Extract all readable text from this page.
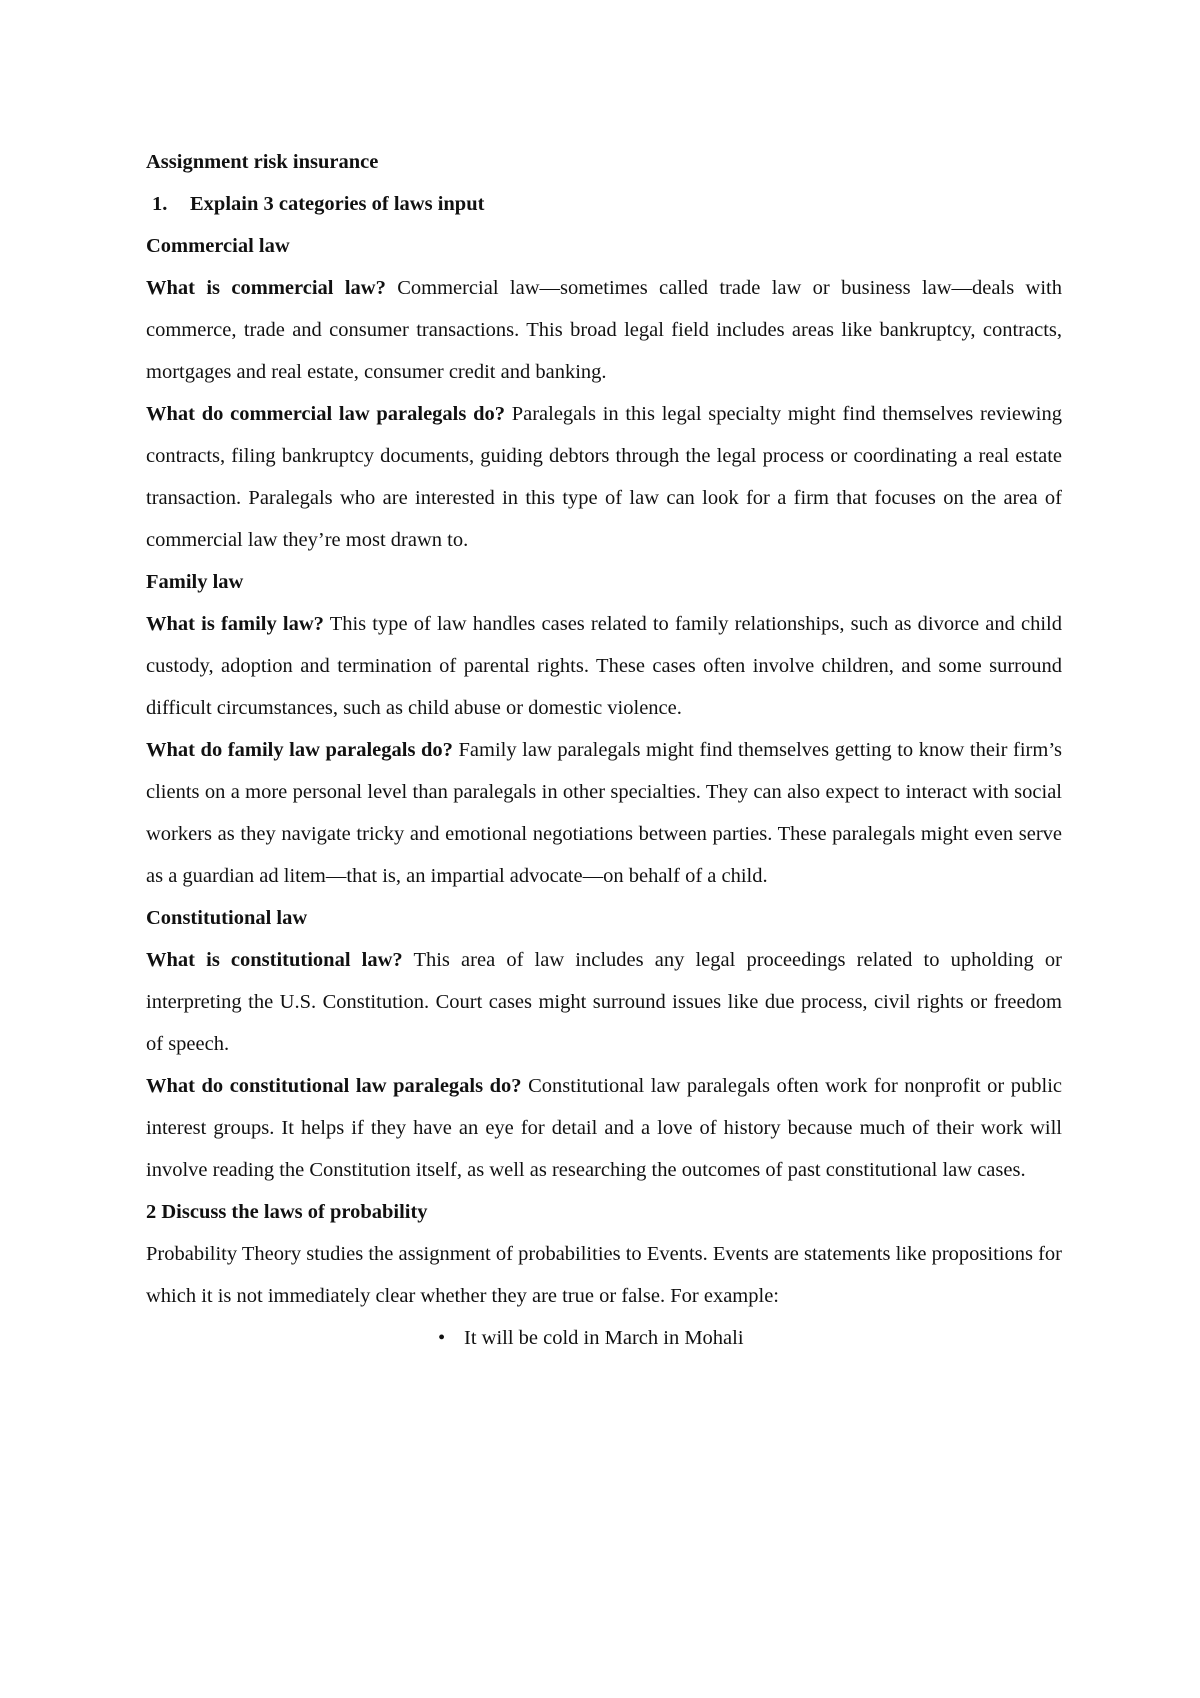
Assignment risk insurance

1.	Explain 3 categories of laws input

Commercial law

What is commercial law? Commercial law—sometimes called trade law or business law—deals with commerce, trade and consumer transactions. This broad legal field includes areas like bankruptcy, contracts, mortgages and real estate, consumer credit and banking.

What do commercial law paralegals do? Paralegals in this legal specialty might find themselves reviewing contracts, filing bankruptcy documents, guiding debtors through the legal process or coordinating a real estate transaction. Paralegals who are interested in this type of law can look for a firm that focuses on the area of commercial law they’re most drawn to.

Family law

What is family law? This type of law handles cases related to family relationships, such as divorce and child custody, adoption and termination of parental rights. These cases often involve children, and some surround difficult circumstances, such as child abuse or domestic violence.

What do family law paralegals do? Family law paralegals might find themselves getting to know their firm’s clients on a more personal level than paralegals in other specialties. They can also expect to interact with social workers as they navigate tricky and emotional negotiations between parties. These paralegals might even serve as a guardian ad litem—that is, an impartial advocate—on behalf of a child.

Constitutional law

What is constitutional law? This area of law includes any legal proceedings related to upholding or interpreting the U.S. Constitution. Court cases might surround issues like due process, civil rights or freedom of speech.

What do constitutional law paralegals do? Constitutional law paralegals often work for nonprofit or public interest groups. It helps if they have an eye for detail and a love of history because much of their work will involve reading the Constitution itself, as well as researching the outcomes of past constitutional law cases.

2 Discuss the laws of probability

Probability Theory studies the assignment of probabilities to Events. Events are statements like propositions for which it is not immediately clear whether they are true or false. For example:

• It will be cold in March in Mohali
